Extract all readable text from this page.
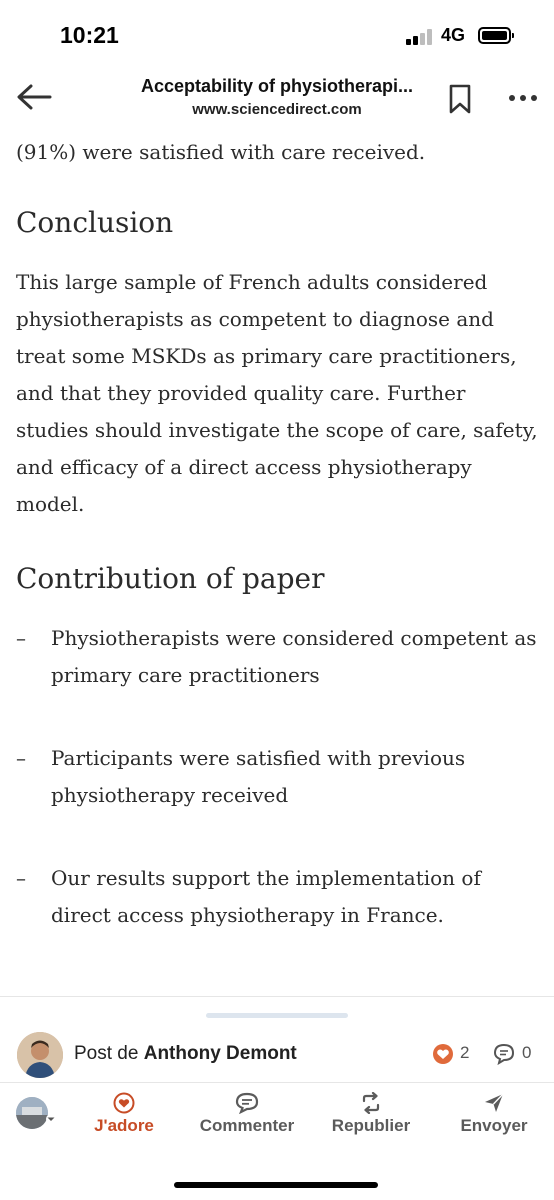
10:21	4G
Acceptability of physiotherapi...
www.sciencedirect.com

(91%) were satisfied with care received.

Conclusion

This large sample of French adults considered physiotherapists as competent to diagnose and treat some MSKDs as primary care practitioners, and that they provided quality care. Further studies should investigate the scope of care, safety, and efficacy of a direct access physiotherapy model.

Contribution of paper
– Physiotherapists were considered competent as primary care practitioners
– Participants were satisfied with previous physiotherapy received
– Our results support the implementation of direct access physiotherapy in France.
Post de Anthony Demont	2	0
J'adore	Commenter Republier	Envoyer
